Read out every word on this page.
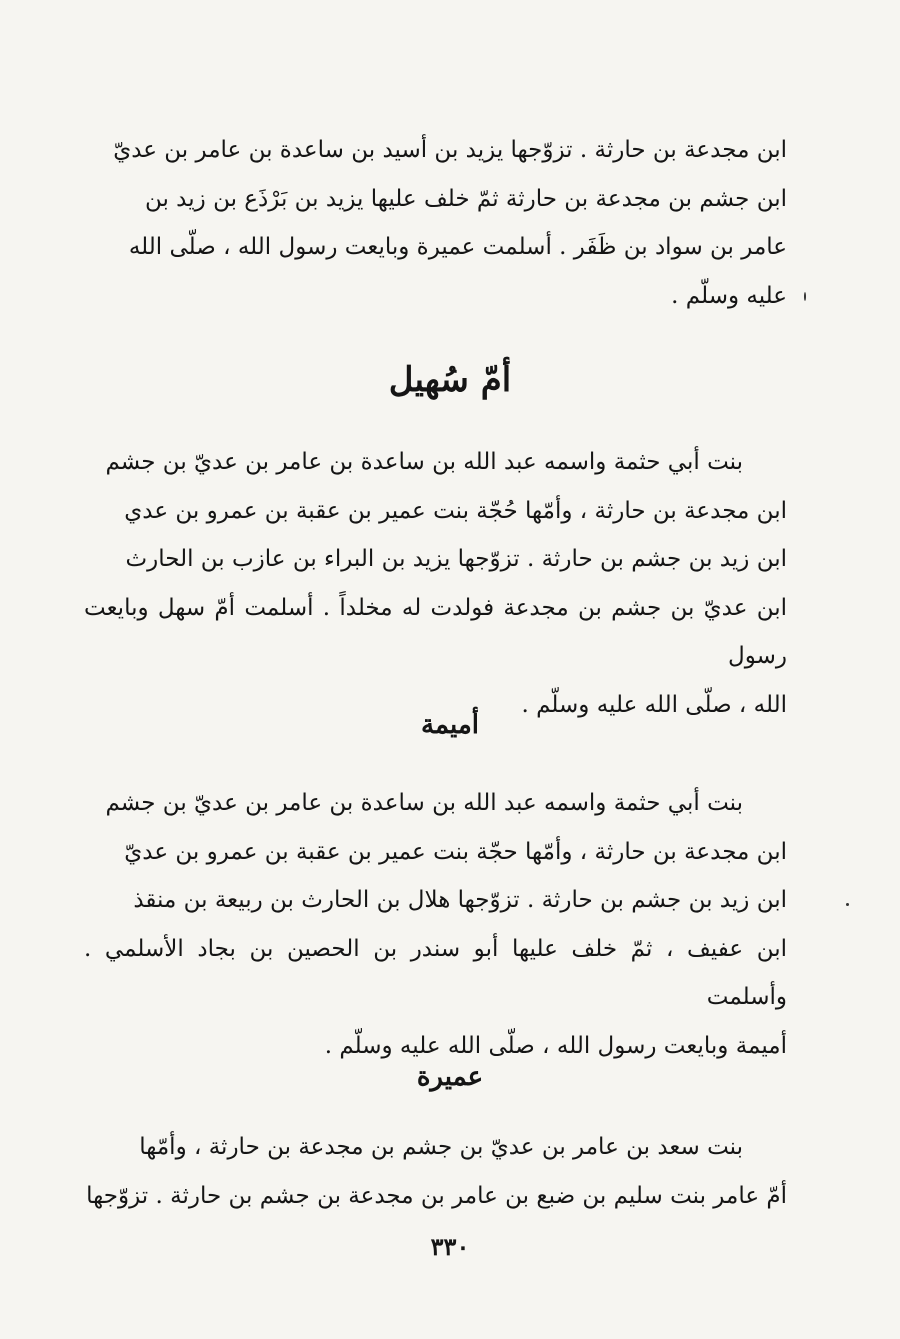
ابن مجدعة بن حارثة . تزوّجها يزيد بن أسيد بن ساعدة بن عامر بن عديّ

ابن جشم بن مجدعة بن حارثة ثمّ خلف عليها يزيد بن بَرْذَع بن زيد بن

عامر بن سواد بن ظَفَر . أسلمت عميرة وبايعت رسول الله ، صلّى الله

عليه وسلّم .

أمّ سُهيل

بنت أبي حثمة واسمه عبد الله بن ساعدة بن عامر بن عديّ بن جشم

ابن مجدعة بن حارثة ، وأمّها حُجّة بنت عمير بن عقبة بن عمرو بن عدي

ابن زيد بن جشم بن حارثة . تزوّجها يزيد بن البراء بن عازب بن الحارث

ابن عديّ بن جشم بن مجدعة فولدت له مخلداً . أسلمت أمّ سهل وبايعت رسول

الله ، صلّى الله عليه وسلّم .

أميمة

بنت أبي حثمة واسمه عبد الله بن ساعدة بن عامر بن عديّ بن جشم

ابن مجدعة بن حارثة ، وأمّها حجّة بنت عمير بن عقبة بن عمرو بن عديّ

ابن زيد بن جشم بن حارثة . تزوّجها هلال بن الحارث بن ربيعة بن منقذ

ابن عفيف ، ثمّ خلف عليها أبو سندر بن الحصين بن بجاد الأسلمي . وأسلمت

أميمة وبايعت رسول الله ، صلّى الله عليه وسلّم .

عميرة

بنت سعد بن عامر بن عديّ بن جشم بن مجدعة بن حارثة ، وأمّها

أمّ عامر بنت سليم بن ضبع بن عامر بن مجدعة بن جشم بن حارثة . تزوّجها

٣٣٠
